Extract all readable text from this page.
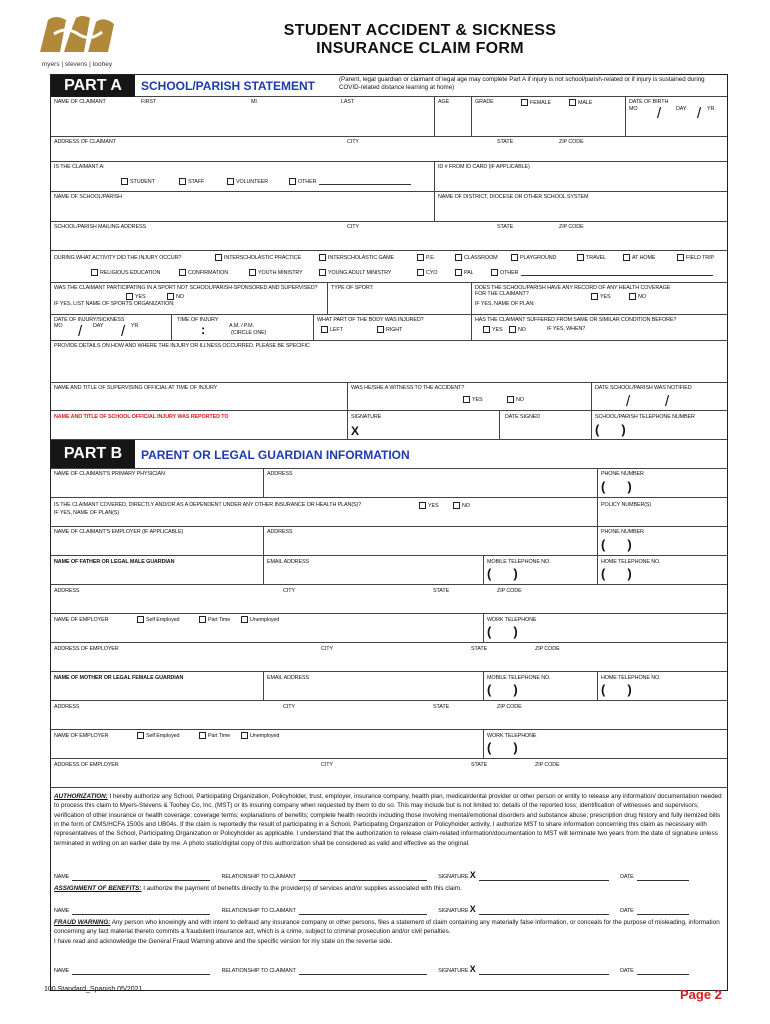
myers | stevens | toohey
STUDENT ACCIDENT & SICKNESS
INSURANCE CLAIM FORM
PART A	SCHOOL/PARISH STATEMENT	(Parent, legal guardian or claimant of legal age may complete Part A if injury is not school/parish-related or if injury is sustained during COVID-related distance learning at home)
NAME OF CLAIMANT	FIRST	MI	LAST	AGE	GRADE	FEMALE	MALE	DATE OF BIRTH
MO	DAY	YR
/ /
ADDRESS OF CLAIMANT	CITY	STATE	ZIP CODE
IS THE CLAIMANT A:
STUDENT	STAFF	VOLUNTEER	OTHER
ID # FROM ID CARD (IF APPLICABLE)
NAME OF SCHOOL/PARISH	NAME OF DISTRICT, DIOCESE OR OTHER SCHOOL SYSTEM
SCHOOL/PARISH MAILING ADDRESS	CITY	STATE	ZIP CODE
DURING WHAT ACTIVITY DID THE INJURY OCCUR?	INTERSCHOLASTIC PRACTICE	INTERSCHOLASTIC GAME	P.E.	CLASSROOM	PLAYGROUND	TRAVEL	AT HOME	FIELD TRIP
RELIGIOUS EDUCATION	CONFIRMATION	YOUTH MINISTRY	YOUNG ADULT MINISTRY	CYO	PAL	OTHER
WAS THE CLAIMANT PARTICIPATING IN A SPORT NOT SCHOOL/PARISH-SPONSORED AND SUPERVISED?
YES	NO
IF YES, LIST NAME OF SPORTS ORGANIZATION:
TYPE OF SPORT:	DOES THE SCHOOL/PARISH HAVE ANY RECORD OF ANY HEALTH COVERAGE FOR THE CLAIMANT?	YES	NO
IF YES, NAME OF PLAN:
DATE OF INJURY/SICKNESS
MO	DAY	YR
/	/
TIME OF INJURY
:	A.M. / P.M.
(CIRCLE ONE)
WHAT PART OF THE BODY WAS INJURED?
LEFT	RIGHT
HAS THE CLAIMANT SUFFERED FROM SAME OR SIMILAR CONDITION BEFORE?
YES	NO	IF YES, WHEN?
PROVIDE DETAILS ON HOW AND WHERE THE INJURY OR ILLNESS OCCURRED. PLEASE BE SPECIFIC
NAME AND TITLE OF SUPERVISING OFFICIAL AT TIME OF INJURY	WAS HE/SHE A WITNESS TO THE ACCIDENT?
YES	NO
DATE SCHOOL/PARISH WAS NOTIFIED
/ /
NAME AND TITLE OF SCHOOL OFFICIAL INJURY WAS REPORTED TO	SIGNATURE
X
DATE SIGNED	SCHOOL/PARISH TELEPHONE NUMBER
()
PART B	PARENT OR LEGAL GUARDIAN INFORMATION
NAME OF CLAIMANT'S PRIMARY PHYSICIAN	ADDRESS	PHONE NUMBER
()
IS THE CLAIMANT COVERED, DIRECTLY AND/OR AS A DEPENDENT UNDER ANY OTHER INSURANCE OR HEALTH PLAN(S)?	YES	NO
IF YES, NAME OF PLAN(S)
POLICY NUMBER(S)
NAME OF CLAIMANT'S EMPLOYER (IF APPLICABLE)	ADDRESS	PHONE NUMBER
()
NAME OF FATHER OR LEGAL MALE GUARDIAN	EMAIL ADDRESS	MOBILE TELEPHONE NO.
()
HOME TELEPHONE NO.
()
ADDRESS	CITY	STATE	ZIP CODE
NAME OF EMPLOYER	Self Employed	Part Time	Unemployed	WORK TELEPHONE
()
ADDRESS OF EMPLOYER	CITY	STATE	ZIP CODE
NAME OF MOTHER OR LEGAL FEMALE GUARDIAN	EMAIL ADDRESS	MOBILE TELEPHONE NO.
()
HOME TELEPHONE NO.
()
ADDRESS	CITY	STATE	ZIP CODE
NAME OF EMPLOYER	Self Employed	Part Time	Unemployed	WORK TELEPHONE
()
ADDRESS OF EMPLOYER	CITY	STATE	ZIP CODE
AUTHORIZATION: I hereby authorize any School, Participating Organization, Policyholder, trust, employer, insurance company, health plan, medical/dental provider or other person or entity to release any information/ documentation needed to process this claim to Myers-Stevens & Toohey Co, Inc. (MST) or its insuring company when requested by them to do so. This may include but is not limited to: details of the reported loss; identification of witnesses and supervisors; verification of other insurance or health coverage; coverage terms; explanations of benefits; complete health records including those involving mental/emotional disorders and substance abuse; prescription drug history and fully itemized bills in the form of CMS/HCFA 1500s and UB04s. If the claim is reportedly the result of participating in a School, Participating Organization or Policyholder activity, I authorize MST to share information concerning this claim as necessary with representatives of the School, Participating Organization or Policyholder as applicable. I understand that the authorization to release claim-related information/documentation to MST will terminate two years from the date of signature unless terminated in writing on an earlier date by me. A photo static/digital copy of this authorization shall be considered as valid and effective as the original.
NAME	RELATIONSHIP TO CLAIMANT	SIGNATURE X	DATE
ASSIGNMENT OF BENEFITS: I authorize the payment of benefits directly to the provider(s) of services and/or supplies associated with this claim.
NAME	RELATIONSHIP TO CLAIMANT	SIGNATURE X	DATE
FRAUD WARNING: Any person who knowingly and with intent to defraud any insurance company or other persons, files a statement of claim containing any materially false information, or conceals for the purpose of misleading, information concerning any fact material thereto commits a fraudulent insurance act, which is a crime, subject to criminal prosecution and/or civil penalties.
I have read and acknowledge the General Fraud Warning above and the specific version for my state on the reverse side.
NAME	RELATIONSHIP TO CLAIMANT	SIGNATURE X	DATE
100 Standard_Spanish 05/2021	Page 2
